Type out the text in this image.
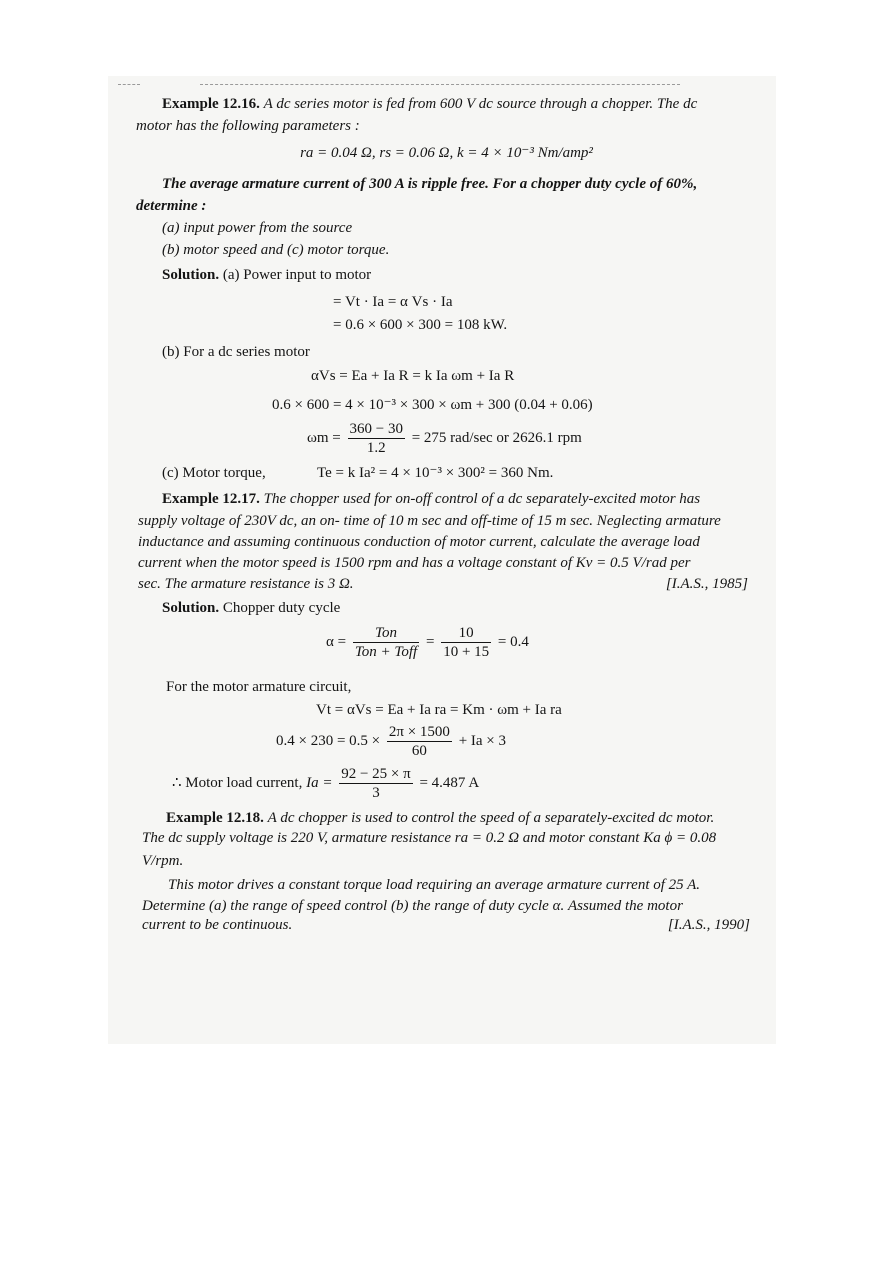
Example 12.16. A dc series motor is fed from 600 V dc source through a chopper. The dc
motor has the following parameters :
ra = 0.04 Ω, rs = 0.06 Ω, k = 4 × 10⁻³ Nm/amp²
The average armature current of 300 A is ripple free. For a chopper duty cycle of 60%,
determine :
(a) input power from the source
(b) motor speed and (c) motor torque.
Solution. (a) Power input to motor
= Vt · Ia = α Vs · Ia
= 0.6 × 600 × 300 = 108 kW.
(b) For a dc series motor
αVs = Ea + Ia R = k Ia ωm + Ia R
0.6 × 600 = 4 × 10⁻³ × 300 × ωm + 300 (0.04 + 0.06)
$\omega m = \frac{360 - 30}{1.2} = 275$ rad/sec or 2626.1 rpm
(c) Motor torque,	Te = k Ia² = 4 × 10⁻³ × 300² = 360 Nm.
Example 12.17. The chopper used for on-off control of a dc separately-excited motor has
supply voltage of 230V dc, an on- time of 10 m sec and off-time of 15 m sec. Neglecting armature
inductance and assuming continuous conduction of motor current, calculate the average load
current when the motor speed is 1500 rpm and has a voltage constant of Kv = 0.5 V/rad per
sec. The armature resistance is 3 Ω.	[I.A.S., 1985]
Solution. Chopper duty cycle
$\alpha = \frac{\text{Ton}}{\text{Ton + Toff}} = \frac{10}{10 + 15} = 0.4$
For the motor armature circuit,
Vt = αVs = Ea + Ia ra = Km · ωm + Ia ra
$0.4 \times 230 = 0.5 \times \frac{2\pi \times 1500}{60} + Ia \times 3$
∴ Motor load current, $Ia = \frac{92 - 25 \times \pi}{3} = 4.487$ A
Example 12.18. A dc chopper is used to control the speed of a separately-excited dc motor.
The dc supply voltage is 220 V, armature resistance ra = 0.2 Ω and motor constant Ka ϕ = 0.08
V/rpm.
This motor drives a constant torque load requiring an average armature current of 25 A.
Determine (a) the range of speed control (b) the range of duty cycle α. Assumed the motor
current to be continuous.	[I.A.S., 1990]
